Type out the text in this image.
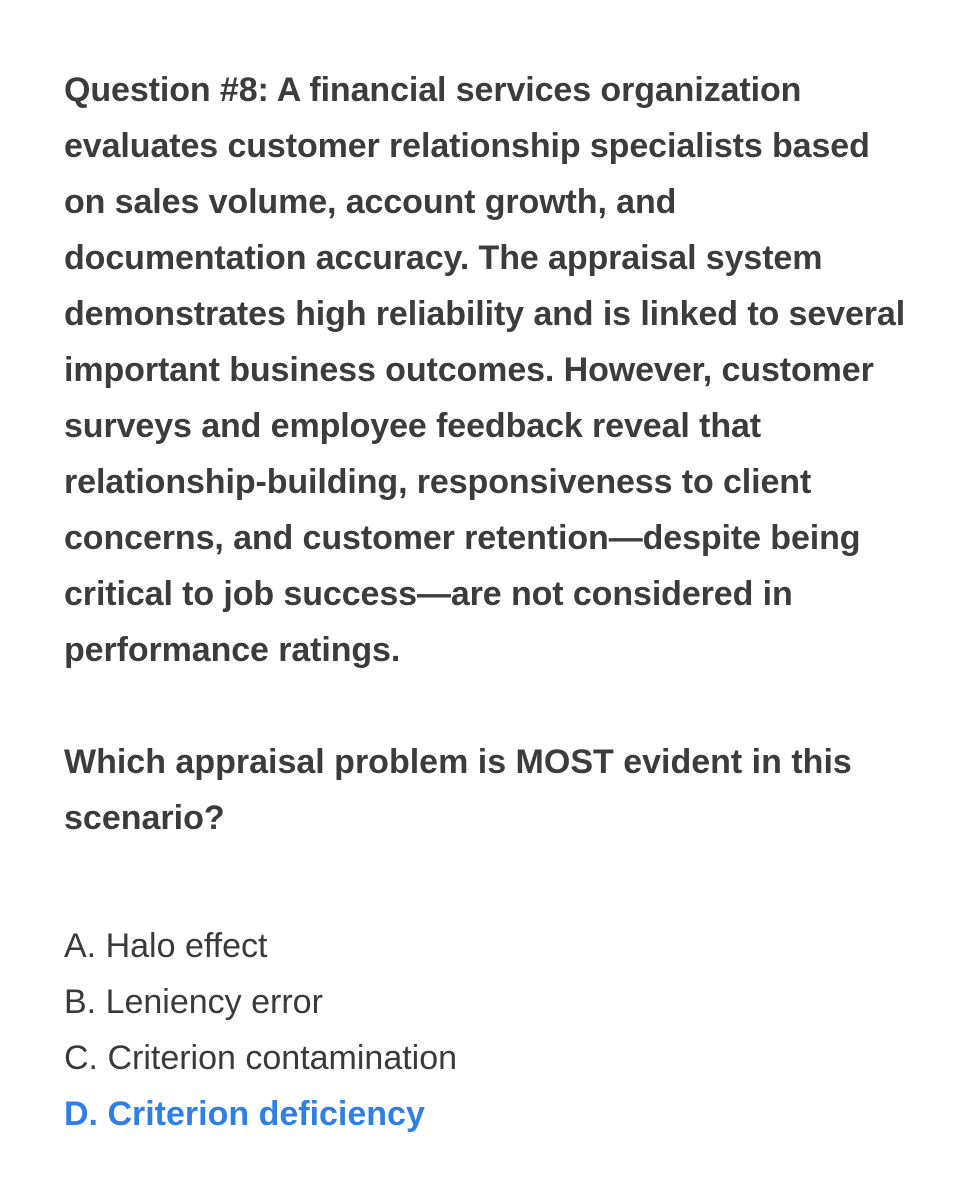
Question #8: A financial services organization evaluates customer relationship specialists based on sales volume, account growth, and documentation accuracy. The appraisal system demonstrates high reliability and is linked to several important business outcomes. However, customer surveys and employee feedback reveal that relationship-building, responsiveness to client concerns, and customer retention—despite being critical to job success—are not considered in performance ratings.

Which appraisal problem is MOST evident in this scenario?

A. Halo effect
B. Leniency error
C. Criterion contamination
D. Criterion deficiency
